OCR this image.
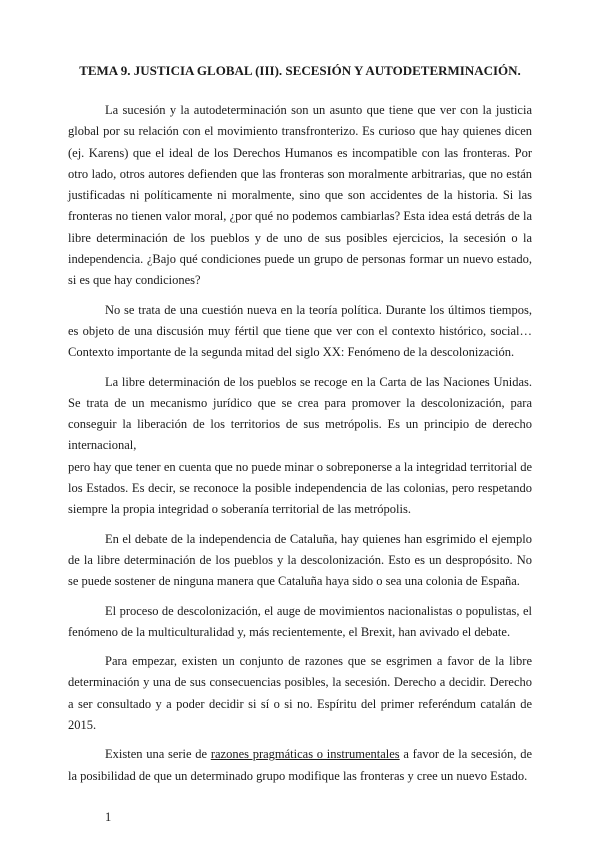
TEMA 9. JUSTICIA GLOBAL (III). SECESIÓN Y AUTODETERMINACIÓN.

La sucesión y la autodeterminación son un asunto que tiene que ver con la justicia global por su relación con el movimiento transfronterizo. Es curioso que hay quienes dicen (ej. Karens) que el ideal de los Derechos Humanos es incompatible con las fronteras. Por otro lado, otros autores defienden que las fronteras son moralmente arbitrarias, que no están justificadas ni políticamente ni moralmente, sino que son accidentes de la historia. Si las fronteras no tienen valor moral, ¿por qué no podemos cambiarlas? Esta idea está detrás de la libre determinación de los pueblos y de uno de sus posibles ejercicios, la secesión o la independencia. ¿Bajo qué condiciones puede un grupo de personas formar un nuevo estado, si es que hay condiciones?

No se trata de una cuestión nueva en la teoría política. Durante los últimos tiempos, es objeto de una discusión muy fértil que tiene que ver con el contexto histórico, social… Contexto importante de la segunda mitad del siglo XX: Fenómeno de la descolonización.

La libre determinación de los pueblos se recoge en la Carta de las Naciones Unidas. Se trata de un mecanismo jurídico que se crea para promover la descolonización, para conseguir la liberación de los territorios de sus metrópolis. Es un principio de derecho internacional,

pero hay que tener en cuenta que no puede minar o sobreponerse a la integridad territorial de los Estados. Es decir, se reconoce la posible independencia de las colonias, pero respetando siempre la propia integridad o soberanía territorial de las metrópolis.

En el debate de la independencia de Cataluña, hay quienes han esgrimido el ejemplo de la libre determinación de los pueblos y la descolonización. Esto es un despropósito. No se puede sostener de ninguna manera que Cataluña haya sido o sea una colonia de España.

El proceso de descolonización, el auge de movimientos nacionalistas o populistas, el fenómeno de la multiculturalidad y, más recientemente, el Brexit, han avivado el debate.

Para empezar, existen un conjunto de razones que se esgrimen a favor de la libre determinación y una de sus consecuencias posibles, la secesión. Derecho a decidir. Derecho a ser consultado y a poder decidir si sí o si no. Espíritu del primer referéndum catalán de 2015.

Existen una serie de razones pragmáticas o instrumentales a favor de la secesión, de la posibilidad de que un determinado grupo modifique las fronteras y cree un nuevo Estado.

1
